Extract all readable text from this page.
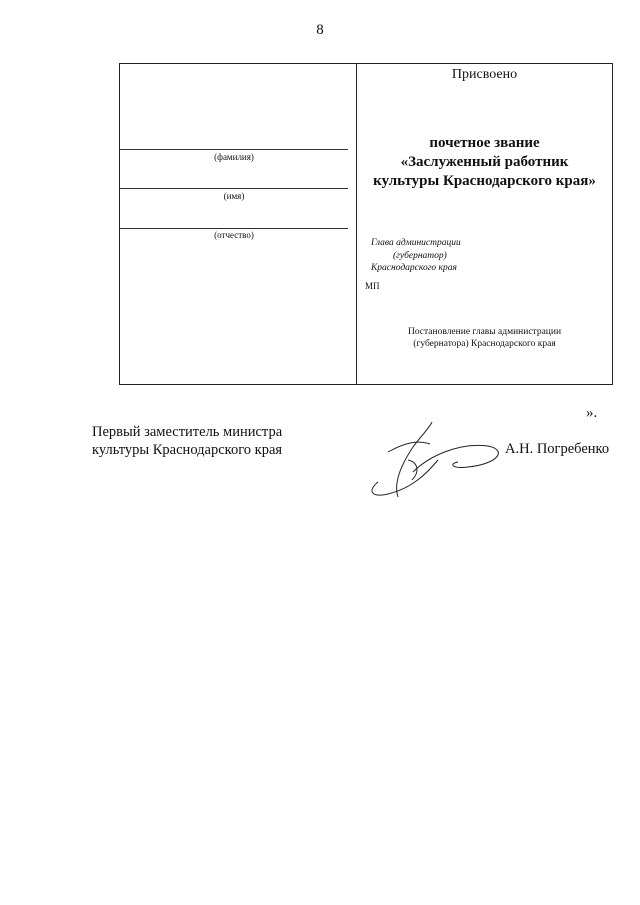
8
(фамилия)
(имя)
(отчество)
Присвоено
почетное звание
«Заслуженный работник
культуры Краснодарского края»
Глава администрации
(губернатор)
Краснодарского края
МП
Постановление главы администрации
(губернатора) Краснодарского края
».
Первый заместитель министра
культуры Краснодарского края	А.Н. Погребенко
